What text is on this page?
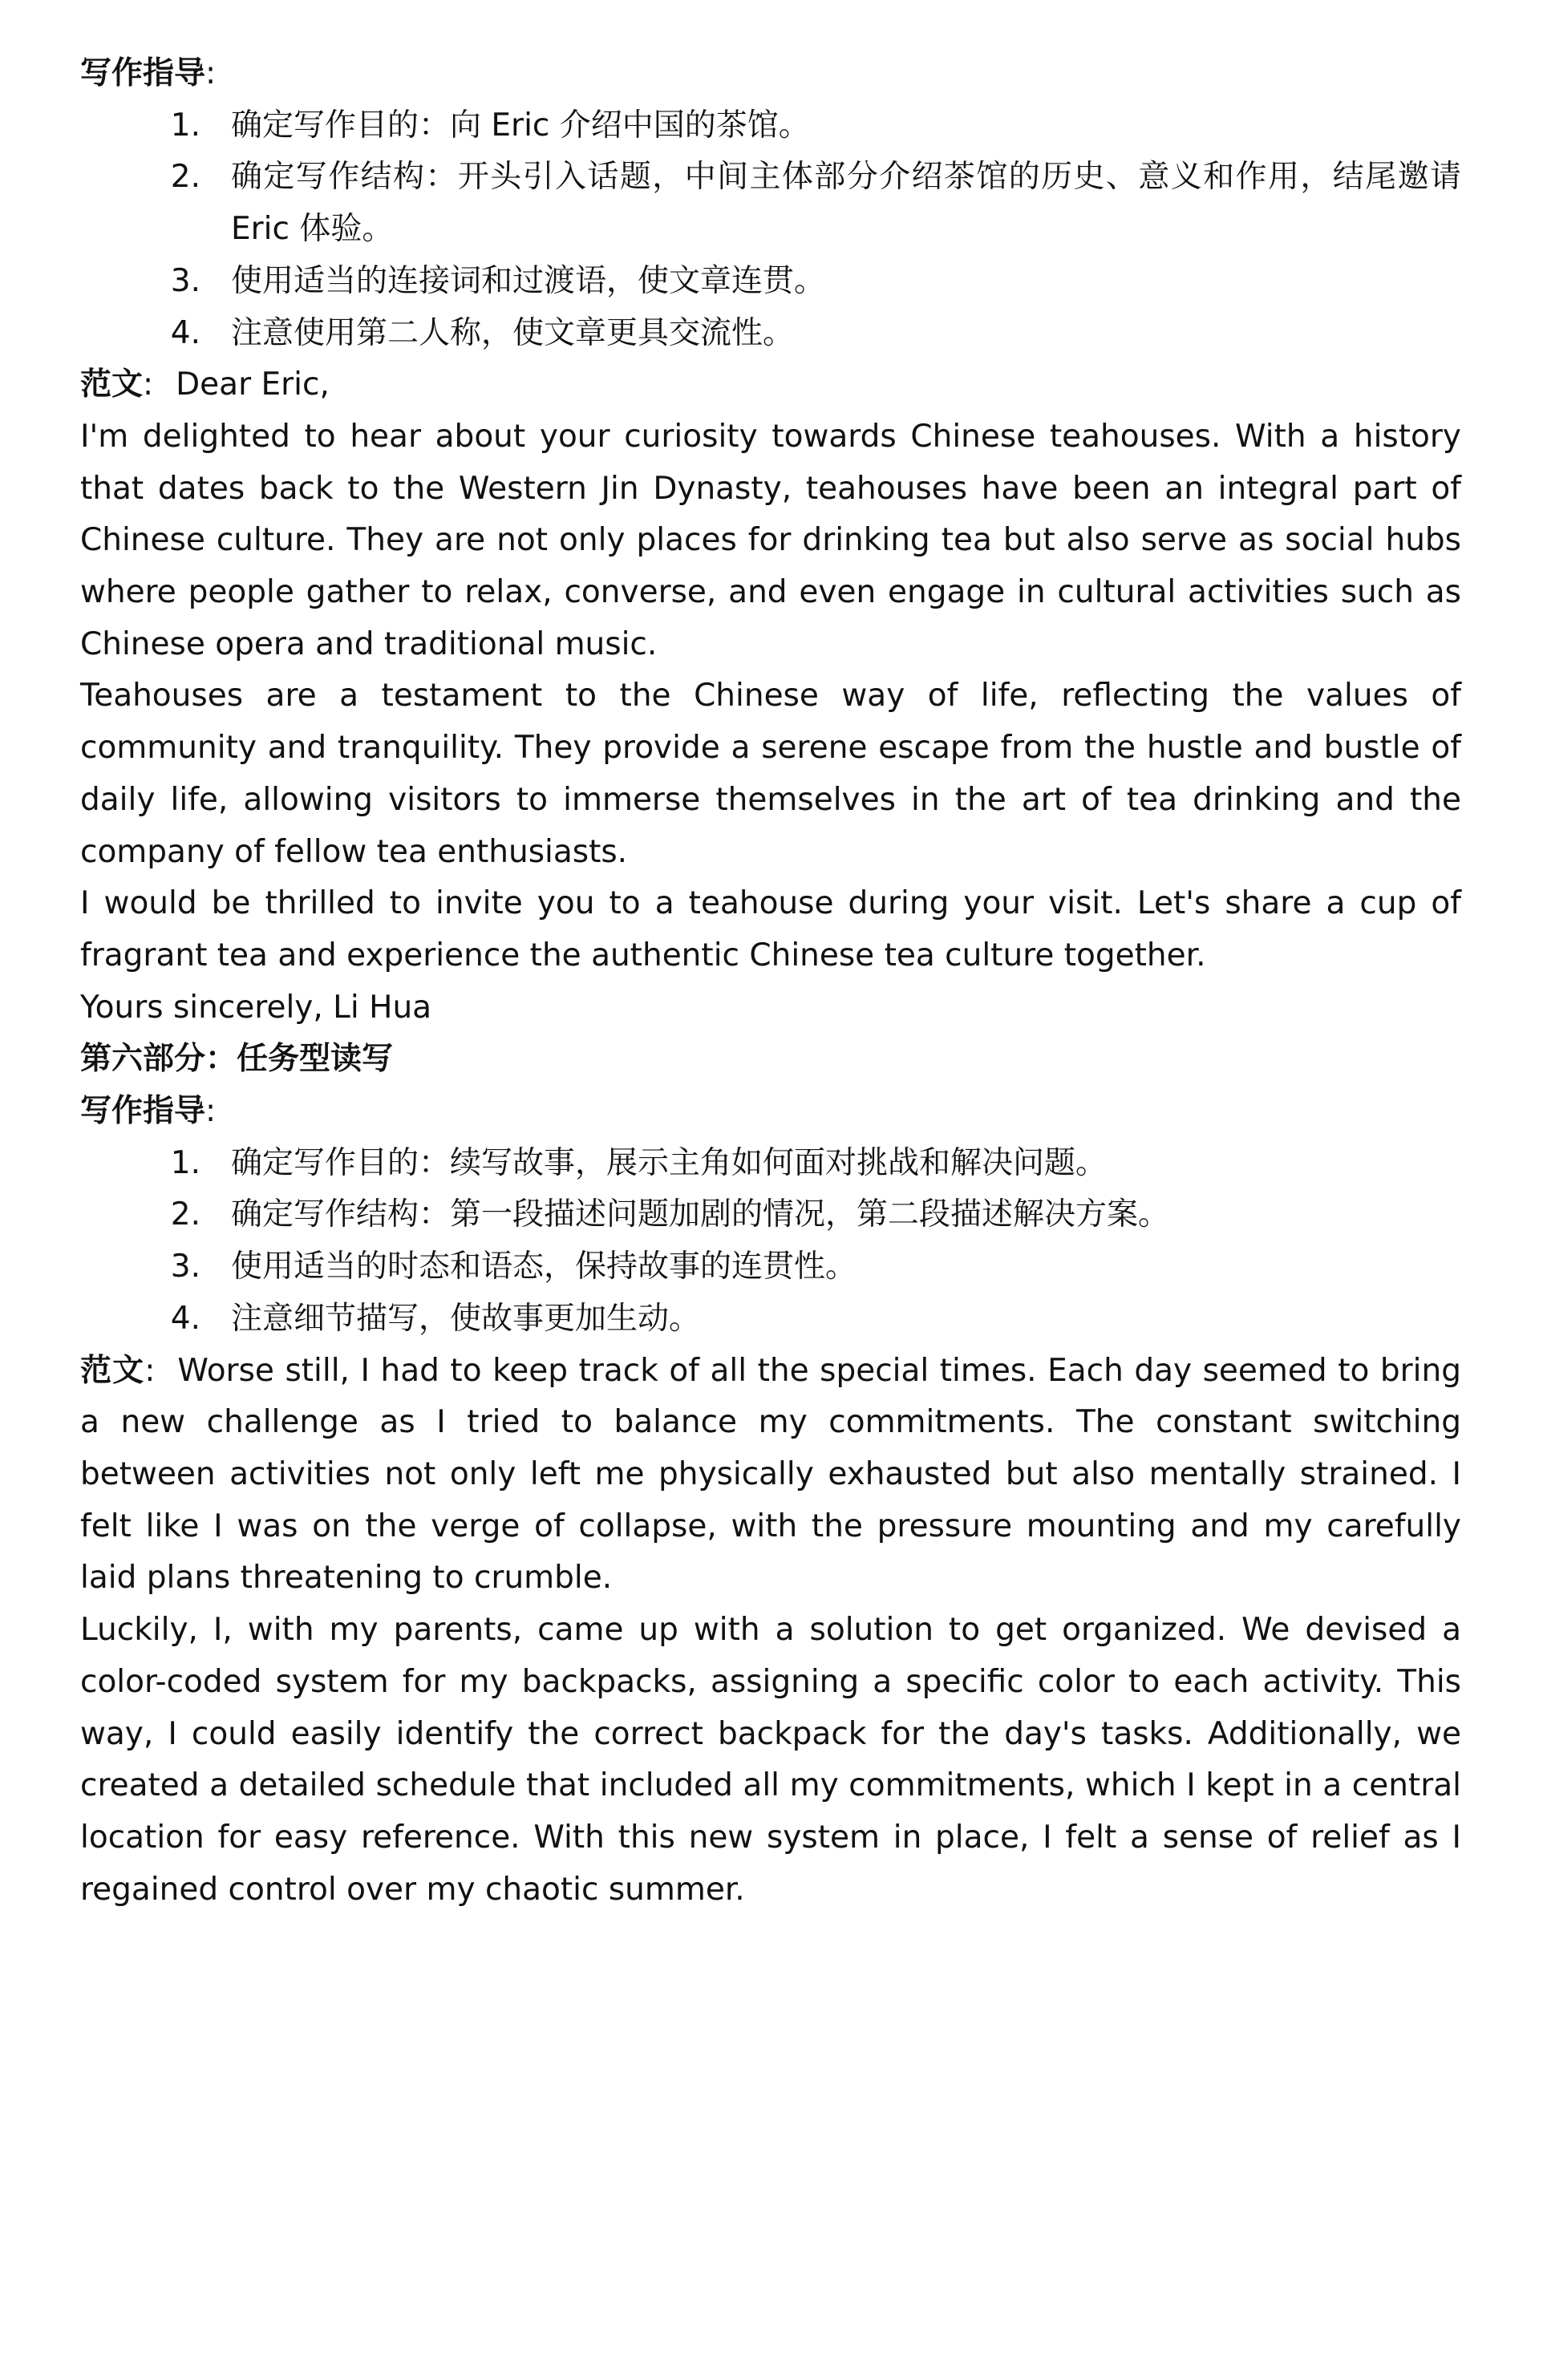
写作指导:
1. 确定写作目的：向 Eric 介绍中国的茶馆。
2. 确定写作结构：开头引入话题，中间主体部分介绍茶馆的历史、意义和作用，结尾邀请 Eric 体验。
3. 使用适当的连接词和过渡语，使文章连贯。
4. 注意使用第二人称，使文章更具交流性。
范文: Dear Eric,

I'm delighted to hear about your curiosity towards Chinese teahouses. With a history that dates back to the Western Jin Dynasty, teahouses have been an integral part of Chinese culture. They are not only places for drinking tea but also serve as social hubs where people gather to relax, converse, and even engage in cultural activities such as Chinese opera and traditional music.

Teahouses are a testament to the Chinese way of life, reflecting the values of community and tranquility. They provide a serene escape from the hustle and bustle of daily life, allowing visitors to immerse themselves in the art of tea drinking and the company of fellow tea enthusiasts.

I would be thrilled to invite you to a teahouse during your visit. Let's share a cup of fragrant tea and experience the authentic Chinese tea culture together.

Yours sincerely, Li Hua

第六部分：任务型读写
写作指导:
1. 确定写作目的：续写故事，展示主角如何面对挑战和解决问题。
2. 确定写作结构：第一段描述问题加剧的情况，第二段描述解决方案。
3. 使用适当的时态和语态，保持故事的连贯性。
4. 注意细节描写，使故事更加生动。

范文: Worse still, I had to keep track of all the special times. Each day seemed to bring a new challenge as I tried to balance my commitments. The constant switching between activities not only left me physically exhausted but also mentally strained. I felt like I was on the verge of collapse, with the pressure mounting and my carefully laid plans threatening to crumble.

Luckily, I, with my parents, came up with a solution to get organized. We devised a color-coded system for my backpacks, assigning a specific color to each activity. This way, I could easily identify the correct backpack for the day's tasks. Additionally, we created a detailed schedule that included all my commitments, which I kept in a central location for easy reference. With this new system in place, I felt a sense of relief as I regained control over my chaotic summer.
